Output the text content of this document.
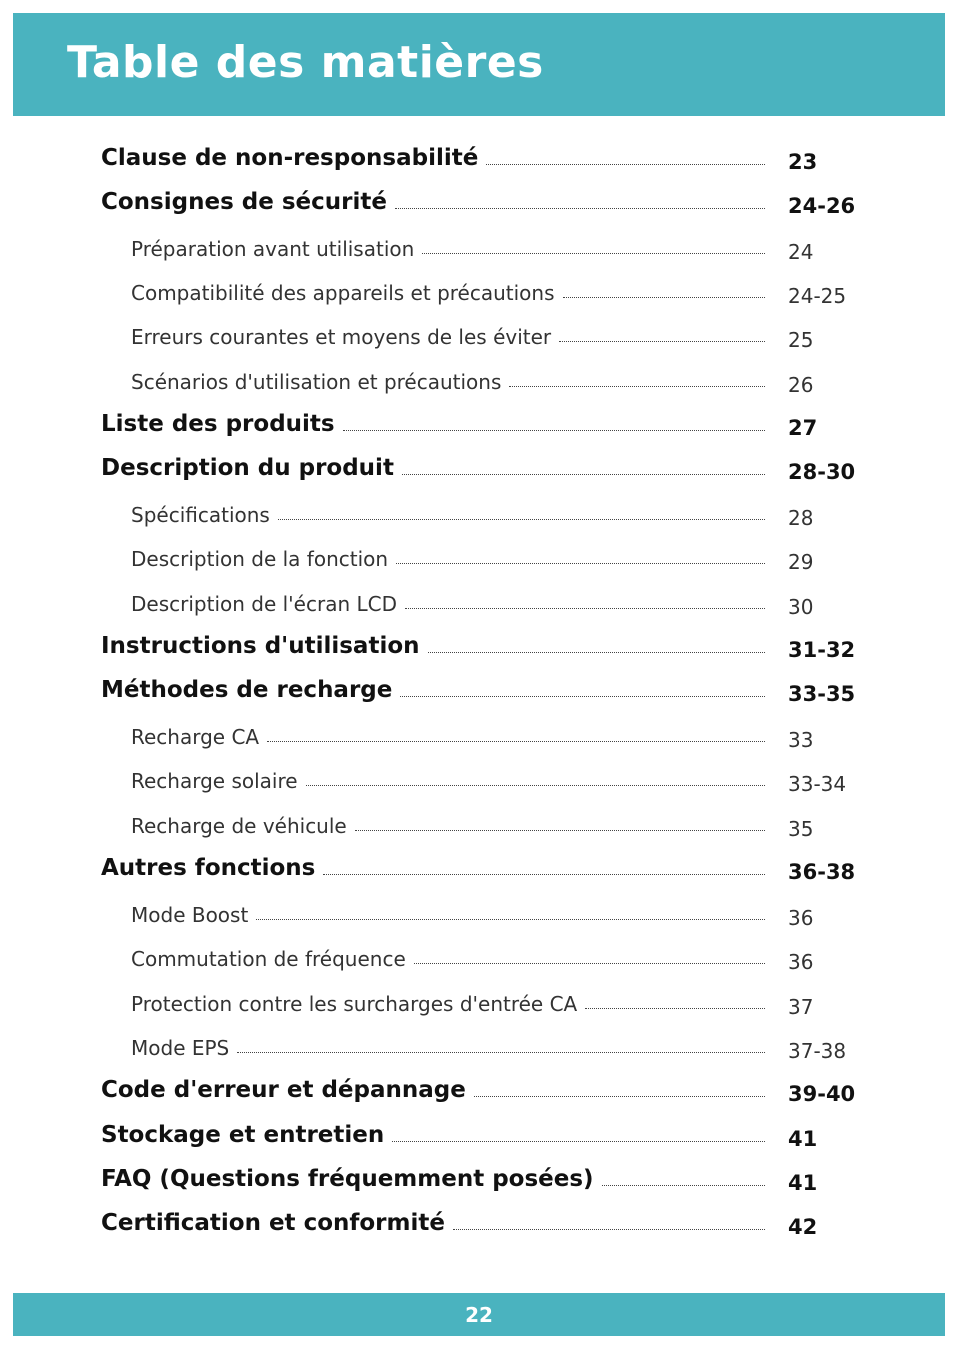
Table des matières
Clause de non-responsabilité	23
Consignes de sécurité	24-26
Préparation avant utilisation	24
Compatibilité des appareils et précautions	24-25
Erreurs courantes et moyens de les éviter	25
Scénarios d'utilisation et précautions	26
Liste des produits	27
Description du produit	28-30
Spécifications	28
Description de la fonction	29
Description de l'écran LCD	30
Instructions d'utilisation	31-32
Méthodes de recharge	33-35
Recharge CA	33
Recharge solaire	33-34
Recharge de véhicule	35
Autres fonctions	36-38
Mode Boost	36
Commutation de fréquence	36
Protection contre les surcharges d'entrée CA	37
Mode EPS	37-38
Code d'erreur et dépannage	39-40
Stockage et entretien	41
FAQ (Questions fréquemment posées)	41
Certification et conformité	42
22
